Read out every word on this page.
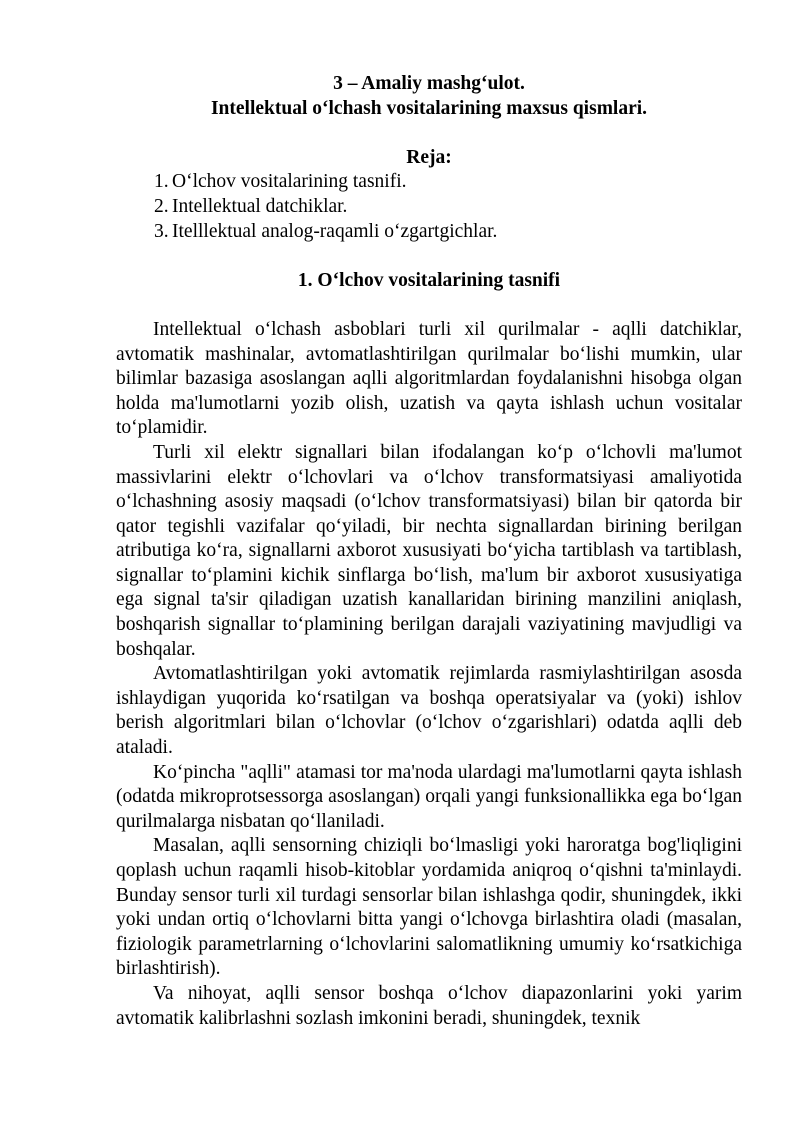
3 – Amaliy mashg‘ulot.

Intellektual o‘lchash vositalarining maxsus qismlari.

Reja:

1. O‘lchov vositalarining tasnifi.
2. Intellektual datchiklar.
3. Itelllektual analog-raqamli o‘zgartgichlar.

1. O‘lchov vositalarining tasnifi

Intellektual o‘lchash asboblari turli xil qurilmalar - aqlli datchiklar, avtomatik mashinalar, avtomatlashtirilgan qurilmalar bo‘lishi mumkin, ular bilimlar bazasiga asoslangan aqlli algoritmlardan foydalanishni hisobga olgan holda ma'lumotlarni yozib olish, uzatish va qayta ishlash uchun vositalar to‘plamidir.

Turli xil elektr signallari bilan ifodalangan ko‘p o‘lchovli ma'lumot massivlarini elektr o‘lchovlari va o‘lchov transformatsiyasi amaliyotida o‘lchashning asosiy maqsadi (o‘lchov transformatsiyasi) bilan bir qatorda bir qator tegishli vazifalar qo‘yiladi, bir nechta signallardan birining berilgan atributiga ko‘ra, signallarni axborot xususiyati bo‘yicha tartiblash va tartiblash, signallar to‘plamini kichik sinflarga bo‘lish, ma'lum bir axborot xususiyatiga ega signal ta'sir qiladigan uzatish kanallaridan birining manzilini aniqlash, boshqarish signallar to‘plamining berilgan darajali vaziyatining mavjudligi va boshqalar.

Avtomatlashtirilgan yoki avtomatik rejimlarda rasmiylashtirilgan asosda ishlaydigan yuqorida ko‘rsatilgan va boshqa operatsiyalar va (yoki) ishlov berish algoritmlari bilan o‘lchovlar (o‘lchov o‘zgarishlari) odatda aqlli deb ataladi.

Ko‘pincha "aqlli" atamasi tor ma'noda ulardagi ma'lumotlarni qayta ishlash (odatda mikroprotsessorga asoslangan) orqali yangi funksionallikka ega bo‘lgan qurilmalarga nisbatan qo‘llaniladi.

Masalan, aqlli sensorning chiziqli bo‘lmasligi yoki haroratga bog'liqligini qoplash uchun raqamli hisob-kitoblar yordamida aniqroq o‘qishni ta'minlaydi. Bunday sensor turli xil turdagi sensorlar bilan ishlashga qodir, shuningdek, ikki yoki undan ortiq o‘lchovlarni bitta yangi o‘lchovga birlashtira oladi (masalan, fiziologik parametrlarning o‘lchovlarini salomatlikning umumiy ko‘rsatkichiga birlashtirish).

Va nihoyat, aqlli sensor boshqa o‘lchov diapazonlarini yoki yarim avtomatik kalibrlashni sozlash imkonini beradi, shuningdek, texnik
